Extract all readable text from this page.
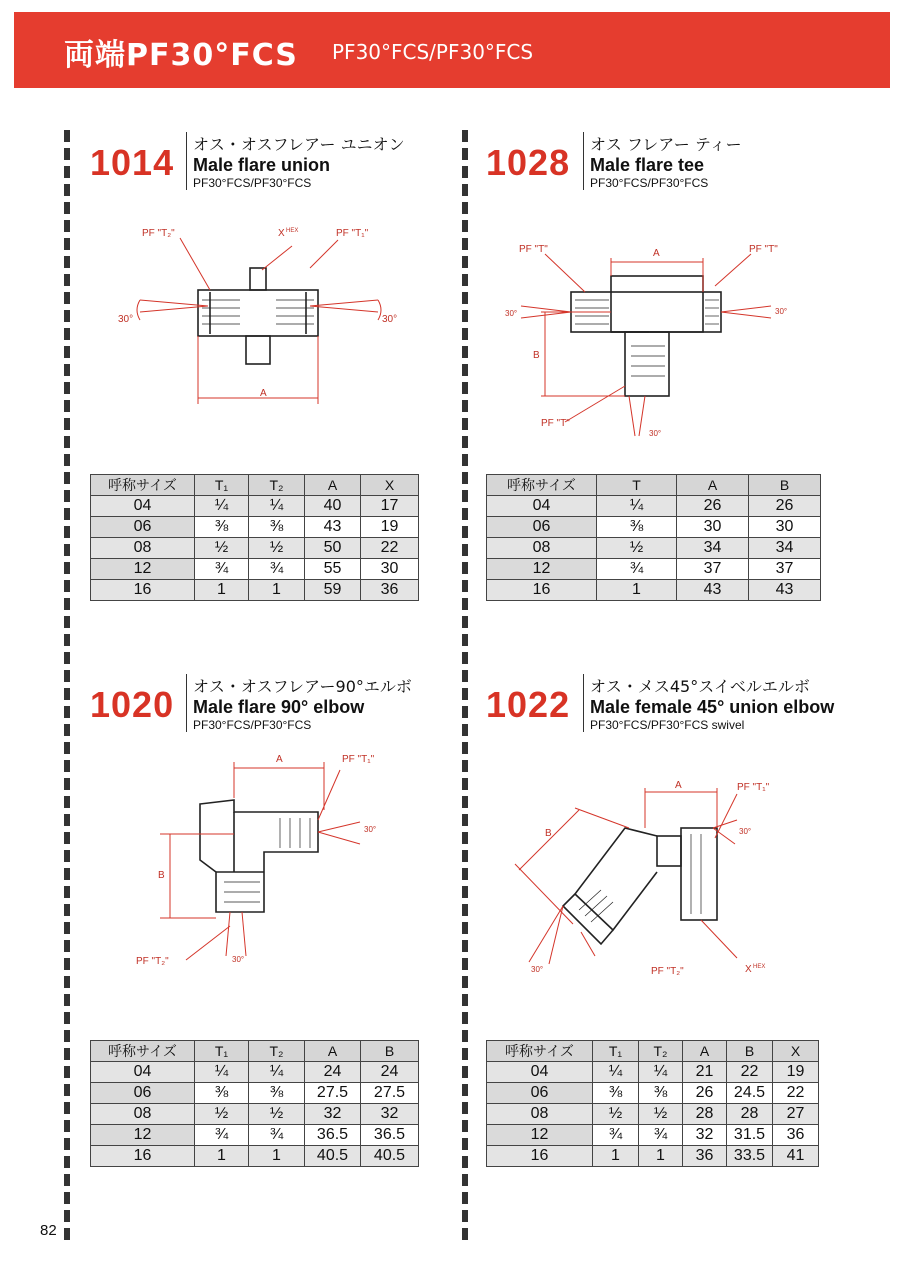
両端PF30°FCS PF30°FCS/PF30°FCS
1014 オス・オスフレアー ユニオン
Male flare union
PF30°FCS/PF30°FCS
PF "T₂"	X HEX	PF "T₁"
30°	30°
A
呼称サイズ	T₁	T₂	A	X
04	¼	¼	40	17
06	⅜	⅜	43	19
08	½	½	50	22
12	¾	¾	55	30
16	1	1	59	36
1028 オス フレアー ティー
Male flare tee
PF30°FCS/PF30°FCS
PF "T"	A	PF "T"
30°	30°
B
PF "T"
30°
呼称サイズ	T	A	B
04	¼	26	26
06	⅜	30	30
08	½	34	34
12	¾	37	37
16	1	43	43
1020 オス・オスフレアー90°エルボ
Male flare 90° elbow
PF30°FCS/PF30°FCS
A	PF "T₁"
30°
B
PF "T₂"	30°
呼称サイズ	T₁	T₂	A	B
04	¼	¼	24	24
06	⅜	⅜	27.5	27.5
08	½	½	32	32
12	¾	¾	36.5	36.5
16	1	1	40.5	40.5
1022 オス・メス45°スイベルエルボ
Male female 45° union elbow
PF30°FCS/PF30°FCS swivel
A	PF "T₁"
30°
B
30°	PF "T₂"	X HEX
呼称サイズ	T₁	T₂	A	B	X
04	¼	¼	21	22	19
06	⅜	⅜	26	24.5	22
08	½	½	28	28	27
12	¾	¾	32	31.5	36
16	1	1	36	33.5	41
82
